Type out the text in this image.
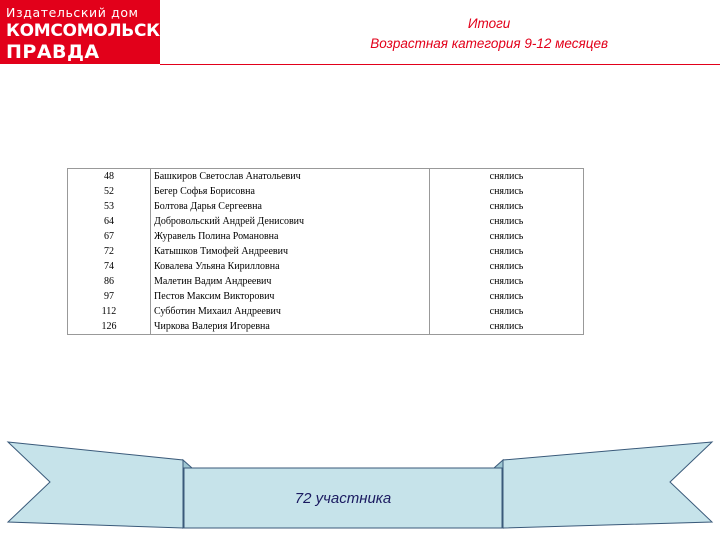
Издательский дом
КОМСОМОЛЬСКАЯ
ПРАВДА
Итоги
Возрастная категория 9-12 месяцев
48	Башкиров Светослав Анатольевич	снялись
52	Бегер Софья Борисовна	снялись
53	Болтова Дарья Сергеевна	снялись
64	Добровольский Андрей Денисович	снялись
67	Журавель Полина Романовна	снялись
72	Катышков Тимофей Андреевич	снялись
74	Ковалева Ульяна Кирилловна	снялись
86	Малетин Вадим Андреевич	снялись
97	Пестов Максим Викторович	снялись
112	Субботин Михаил Андреевич	снялись
126	Чиркова Валерия Игоревна	снялись
72 участника
